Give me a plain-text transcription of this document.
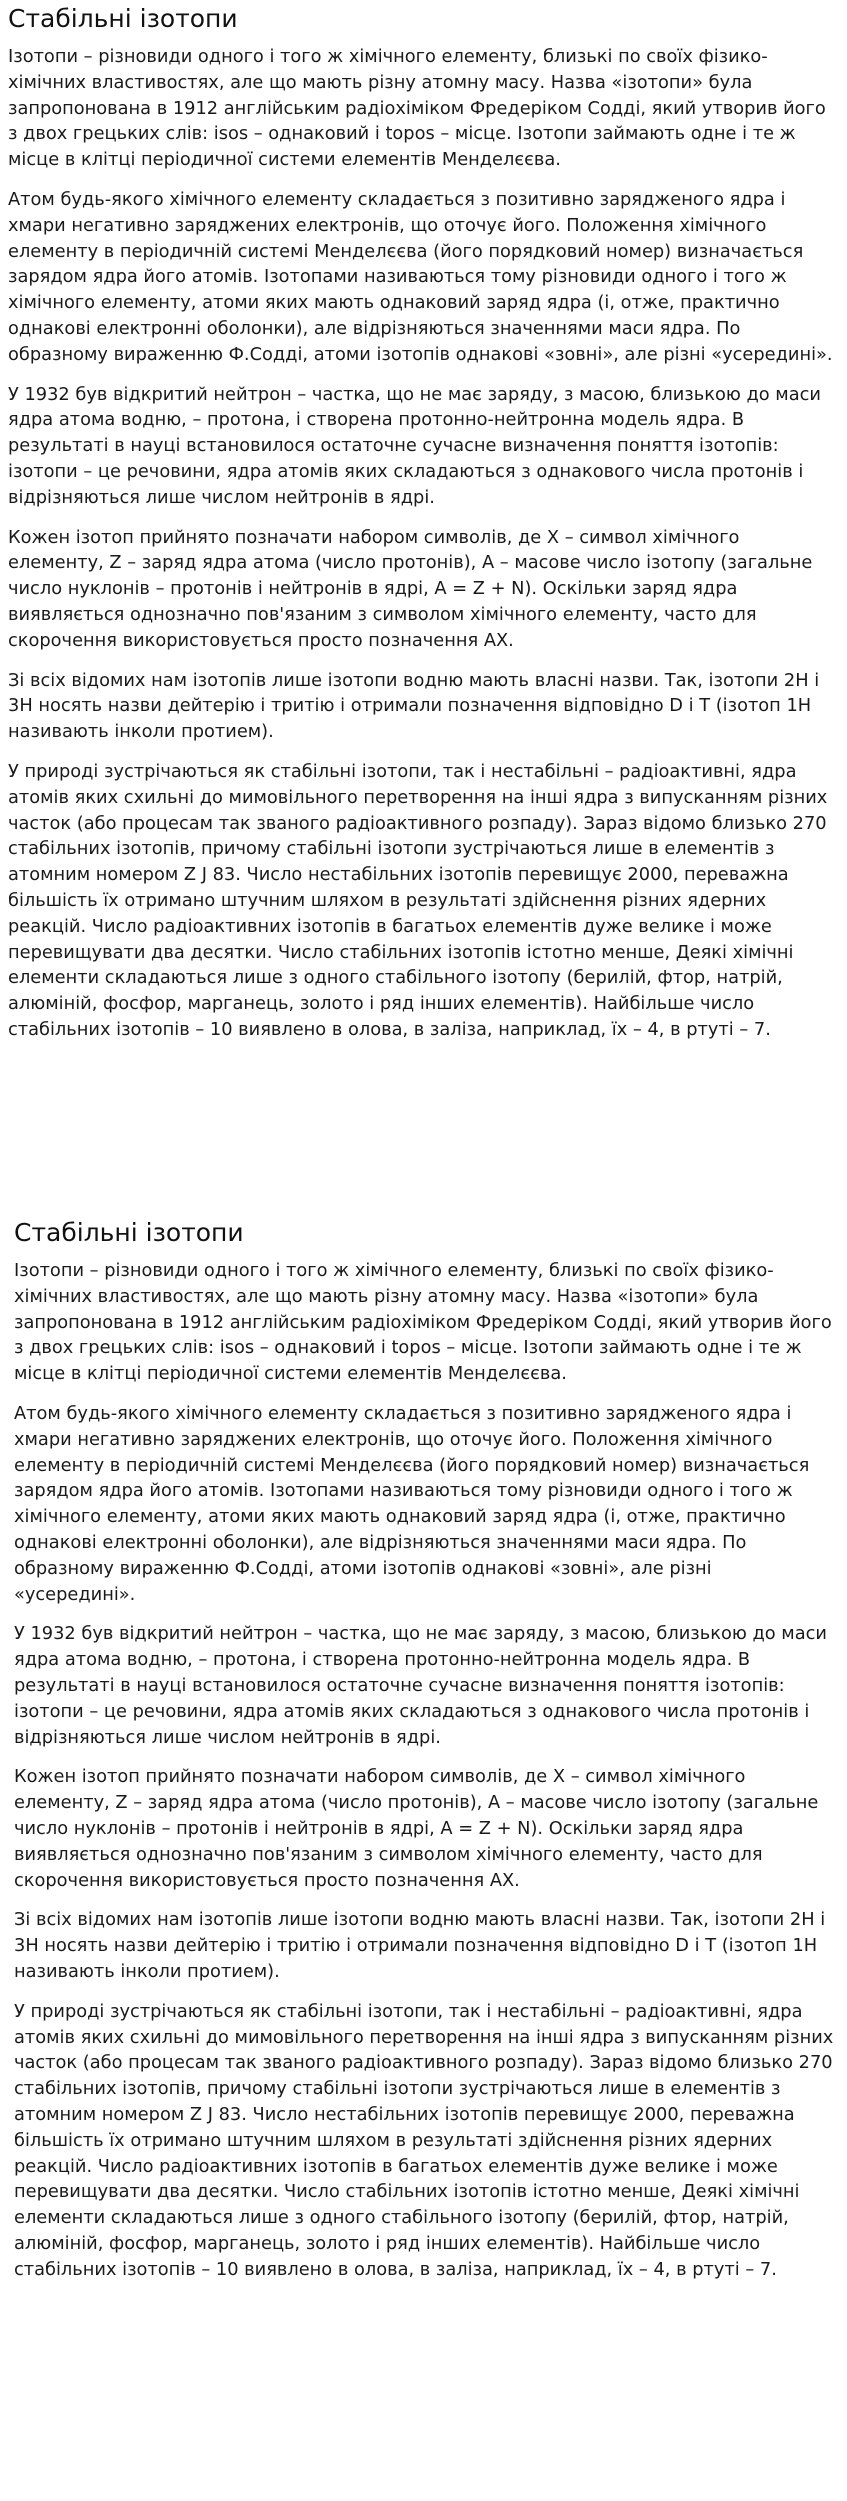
Стабільні ізотопи

Ізотопи – різновиди одного і того ж хімічного елементу, близькі по своїх фізико-хімічних властивостях, але що мають різну атомну масу. Назва «ізотопи» була запропонована в 1912 англійським радіохіміком Фредеріком Содді, який утворив його з двох грецьких слів: isos – однаковий і topos – місце. Ізотопи займають одне і те ж місце в клітці періодичної системи елементів Менделєєва.

Атом будь-якого хімічного елементу складається з позитивно зарядженого ядра і хмари негативно заряджених електронів, що оточує його. Положення хімічного елементу в періодичній системі Менделєєва (його порядковий номер) визначається зарядом ядра його атомів. Ізотопами називаються тому різновиди одного і того ж хімічного елементу, атоми яких мають однаковий заряд ядра (і, отже, практично однакові електронні оболонки), але відрізняються значеннями маси ядра. По образному вираженню Ф.Содді, атоми ізотопів однакові «зовні», але різні «усередині».

У 1932 був відкритий нейтрон – частка, що не має заряду, з масою, близькою до маси ядра атома водню, – протона, і створена протонно-нейтронна модель ядра. В результаті в науці встановилося остаточне сучасне визначення поняття ізотопів: ізотопи – це речовини, ядра атомів яких складаються з однакового числа протонів і відрізняються лише числом нейтронів в ядрі.

Кожен ізотоп прийнято позначати набором символів, де X – символ хімічного елементу, Z – заряд ядра атома (число протонів), A – масове число ізотопу (загальне число нуклонів – протонів і нейтронів в ядрі, A = Z + N). Оскільки заряд ядра виявляється однозначно пов'язаним з символом хімічного елементу, часто для скорочення використовується просто позначення AX.

Зі всіх відомих нам ізотопів лише ізотопи водню мають власні назви. Так, ізотопи 2H і 3H носять назви дейтерію і тритію і отримали позначення відповідно D і T (ізотоп 1H називають інколи протием).

У природі зустрічаються як стабільні ізотопи, так і нестабільні – радіоактивні, ядра атомів яких схильні до мимовільного перетворення на інші ядра з випусканням різних часток (або процесам так званого радіоактивного розпаду). Зараз відомо близько 270 стабільних ізотопів, причому стабільні ізотопи зустрічаються лише в елементів з атомним номером Z J 83. Число нестабільних ізотопів перевищує 2000, переважна більшість їх отримано штучним шляхом в результаті здійснення різних ядерних реакцій. Число радіоактивних ізотопів в багатьох елементів дуже велике і може перевищувати два десятки. Число стабільних ізотопів істотно менше, Деякі хімічні елементи складаються лише з одного стабільного ізотопу (берилій, фтор, натрій, алюміній, фосфор, марганець, золото і ряд інших елементів). Найбільше число стабільних ізотопів – 10 виявлено в олова, в заліза, наприклад, їх – 4, в ртуті – 7.

Стабільні ізотопи

Ізотопи – різновиди одного і того ж хімічного елементу, близькі по своїх фізико-хімічних властивостях, але що мають різну атомну масу. Назва «ізотопи» була запропонована в 1912 англійським радіохіміком Фредеріком Содді, який утворив його з двох грецьких слів: isos – однаковий і topos – місце. Ізотопи займають одне і те ж місце в клітці періодичної системи елементів Менделєєва.

Атом будь-якого хімічного елементу складається з позитивно зарядженого ядра і хмари негативно заряджених електронів, що оточує його. Положення хімічного елементу в періодичній системі Менделєєва (його порядковий номер) визначається зарядом ядра його атомів. Ізотопами називаються тому різновиди одного і того ж хімічного елементу, атоми яких мають однаковий заряд ядра (і, отже, практично однакові електронні оболонки), але відрізняються значеннями маси ядра. По образному вираженню Ф.Содді, атоми ізотопів однакові «зовні», але різні «усередині».

У 1932 був відкритий нейтрон – частка, що не має заряду, з масою, близькою до маси ядра атома водню, – протона, і створена протонно-нейтронна модель ядра. В результаті в науці встановилося остаточне сучасне визначення поняття ізотопів: ізотопи – це речовини, ядра атомів яких складаються з однакового числа протонів і відрізняються лише числом нейтронів в ядрі.

Кожен ізотоп прийнято позначати набором символів, де X – символ хімічного елементу, Z – заряд ядра атома (число протонів), A – масове число ізотопу (загальне число нуклонів – протонів і нейтронів в ядрі, A = Z + N). Оскільки заряд ядра виявляється однозначно пов'язаним з символом хімічного елементу, часто для скорочення використовується просто позначення AX.

Зі всіх відомих нам ізотопів лише ізотопи водню мають власні назви. Так, ізотопи 2H і 3H носять назви дейтерію і тритію і отримали позначення відповідно D і T (ізотоп 1H називають інколи протием).

У природі зустрічаються як стабільні ізотопи, так і нестабільні – радіоактивні, ядра атомів яких схильні до мимовільного перетворення на інші ядра з випусканням різних часток (або процесам так званого радіоактивного розпаду). Зараз відомо близько 270 стабільних ізотопів, причому стабільні ізотопи зустрічаються лише в елементів з атомним номером Z J 83. Число нестабільних ізотопів перевищує 2000, переважна більшість їх отримано штучним шляхом в результаті здійснення різних ядерних реакцій. Число радіоактивних ізотопів в багатьох елементів дуже велике і може перевищувати два десятки. Число стабільних ізотопів істотно менше, Деякі хімічні елементи складаються лише з одного стабільного ізотопу (берилій, фтор, натрій, алюміній, фосфор, марганець, золото і ряд інших елементів). Найбільше число стабільних ізотопів – 10 виявлено в олова, в заліза, наприклад, їх – 4, в ртуті – 7.
